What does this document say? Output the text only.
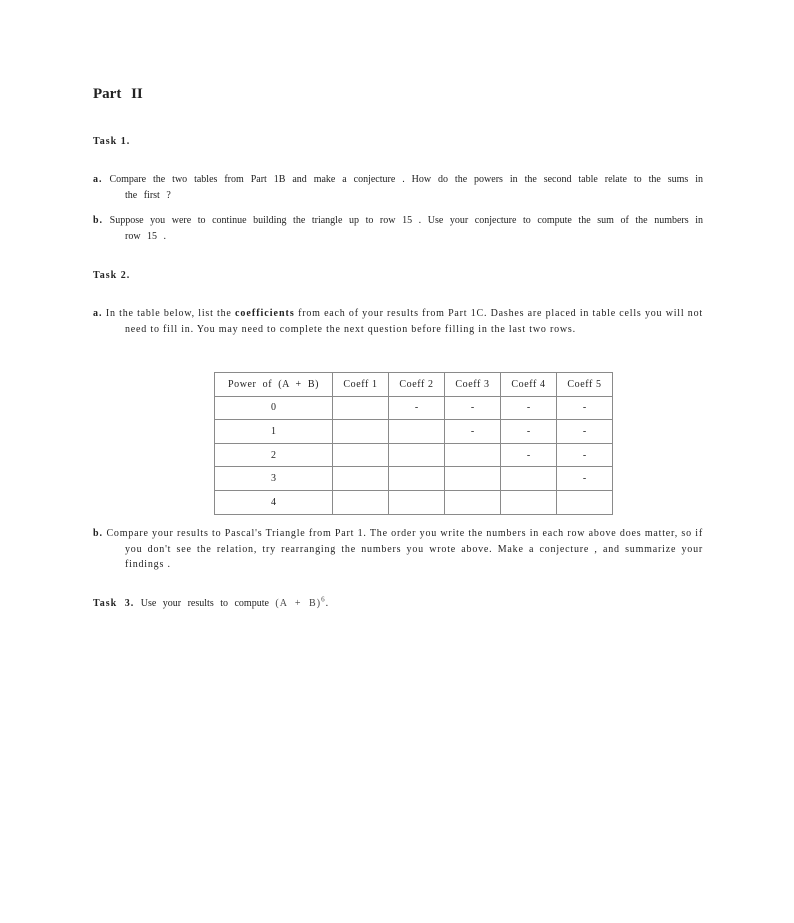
Part II
Task 1.
a. Compare the two tables from Part 1B and make a conjecture . How do the powers in the second table relate to the sums in the first ?
b. Suppose you were to continue building the triangle up to row 15 . Use your conjecture to compute the sum of the numbers in row 15 .
Task 2.
a. In the table below, list the coefficients from each of your results from Part 1C. Dashes are placed in table cells you will not need to fill in. You may need to complete the next question before filling in the last two rows.
Power of (A + B)	Coeff 1	Coeff 2	Coeff 3	Coeff 4	Coeff 5
0		-	-	-	-
1			-	-	-
2				-	-
3					-
4					
b. Compare your results to Pascal's Triangle from Part 1. The order you write the numbers in each row above does matter, so if you don't see the relation, try rearranging the numbers you wrote above. Make a conjecture , and summarize your findings .
Task 3. Use your results to compute $(A + B)^6$.
